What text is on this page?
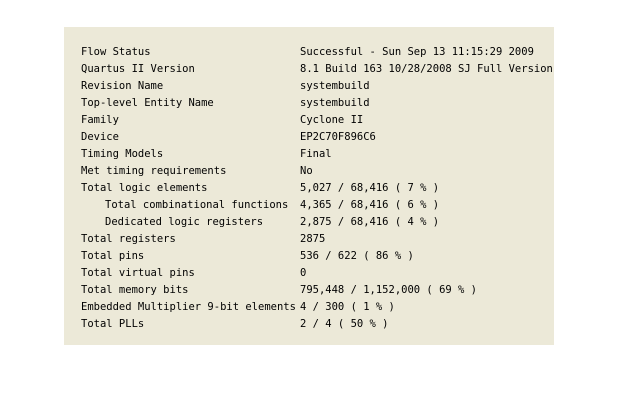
Flow Status	Successful - Sun Sep 13 11:15:29 2009
Quartus II Version	8.1 Build 163 10/28/2008 SJ Full Version
Revision Name	systembuild
Top-level Entity Name	systembuild
Family	Cyclone II
Device	EP2C70F896C6
Timing Models	Final
Met timing requirements	No
Total logic elements	5,027 / 68,416 ( 7 % )
Total combinational functions 4,365 / 68,416 ( 6 % )
Dedicated logic registers	2,875 / 68,416 ( 4 % )
Total registers	2875
Total pins	536 / 622 ( 86 % )
Total virtual pins	0
Total memory bits	795,448 / 1,152,000 ( 69 % )
Embedded Multiplier 9-bit elements 4 / 300 ( 1 % )
Total PLLs	2 / 4 ( 50 % )
